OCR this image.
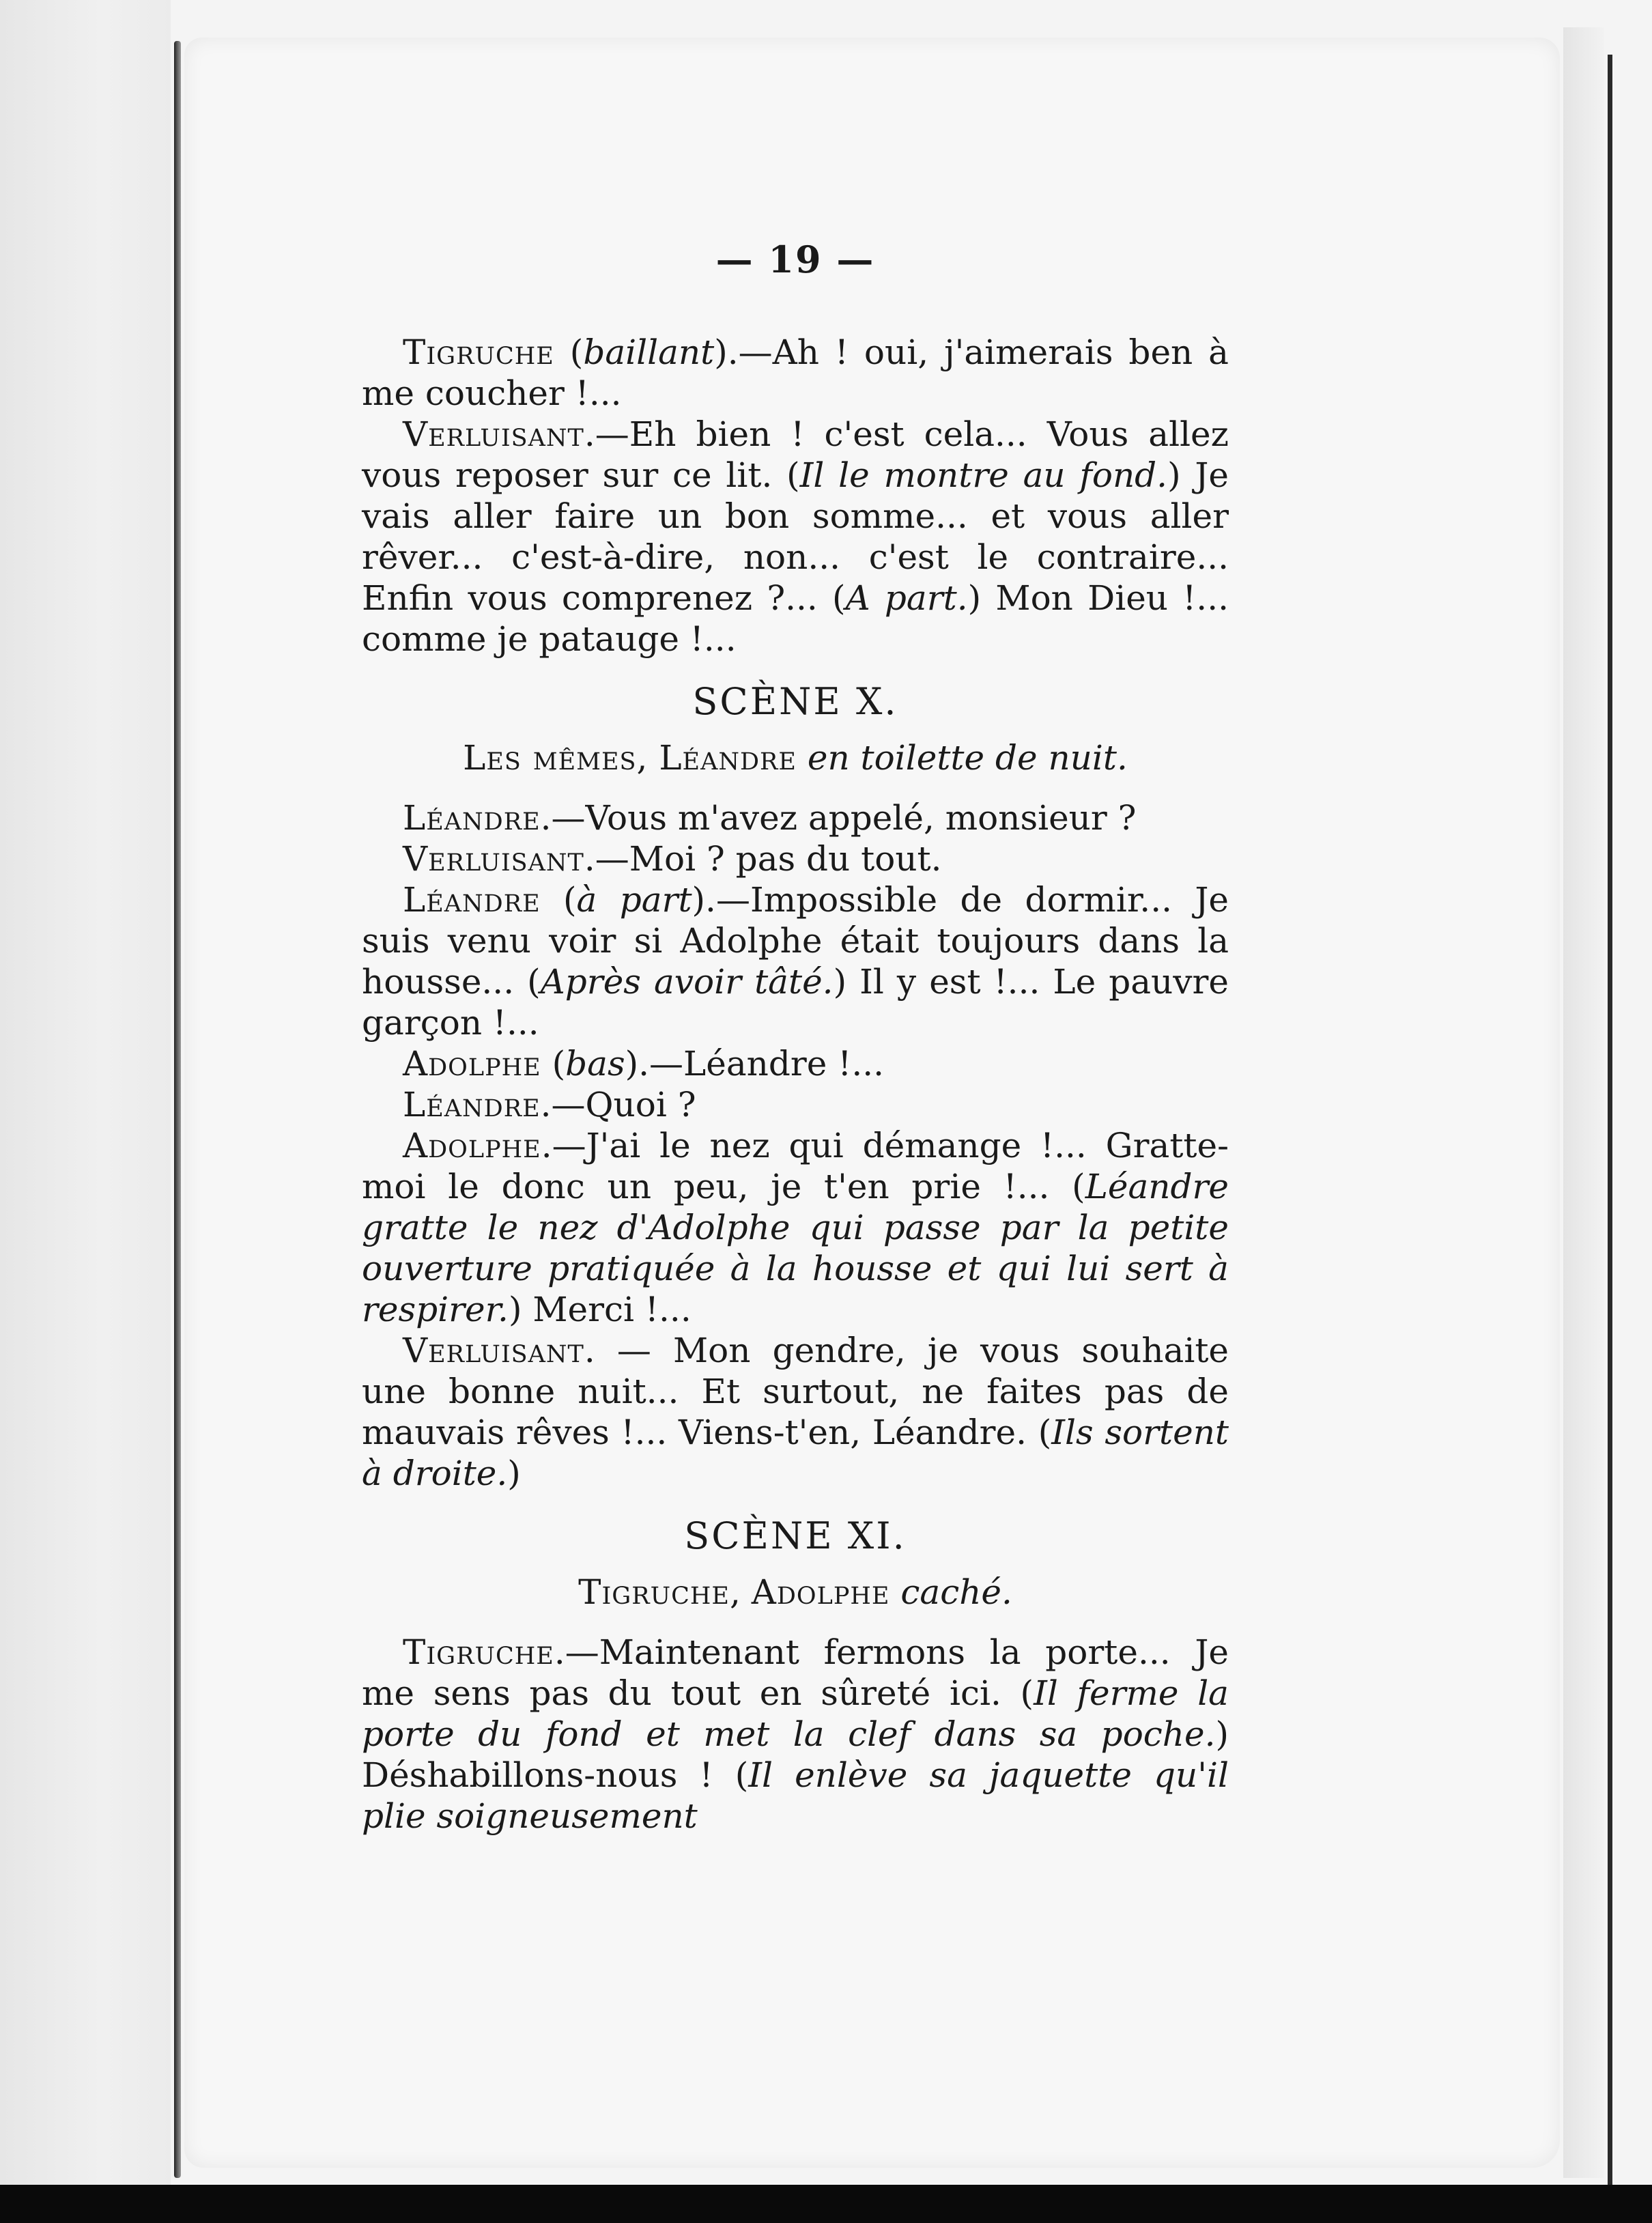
— 19 —

Tigruche (baillant).—Ah ! oui, j'aimerais ben à me coucher !...

Verluisant.—Eh bien ! c'est cela... Vous allez vous reposer sur ce lit. (Il le montre au fond.) Je vais aller faire un bon somme... et vous aller rêver... c'est-à-dire, non... c'est le contraire... Enfin vous comprenez ?... (A part.) Mon Dieu !... comme je patauge !...

SCÈNE X.
Les mêmes, Léandre en toilette de nuit.

Léandre.—Vous m'avez appelé, monsieur ?

Verluisant.—Moi ? pas du tout.

Léandre (à part).—Impossible de dormir... Je suis venu voir si Adolphe était toujours dans la housse... (Après avoir tâté.) Il y est !... Le pauvre garçon !...

Adolphe (bas).—Léandre !...

Léandre.—Quoi ?

Adolphe.—J'ai le nez qui démange !... Gratte-moi le donc un peu, je t'en prie !... (Léandre gratte le nez d'Adolphe qui passe par la petite ouverture pratiquée à la housse et qui lui sert à respirer.) Merci !...

Verluisant. — Mon gendre, je vous souhaite une bonne nuit... Et surtout, ne faites pas de mauvais rêves !... Viens-t'en, Léandre. (Ils sortent à droite.)

SCÈNE XI.
Tigruche, Adolphe caché.

Tigruche.—Maintenant fermons la porte... Je me sens pas du tout en sûreté ici. (Il ferme la porte du fond et met la clef dans sa poche.) Déshabillons-nous ! (Il enlève sa jaquette qu'il plie soigneusement
